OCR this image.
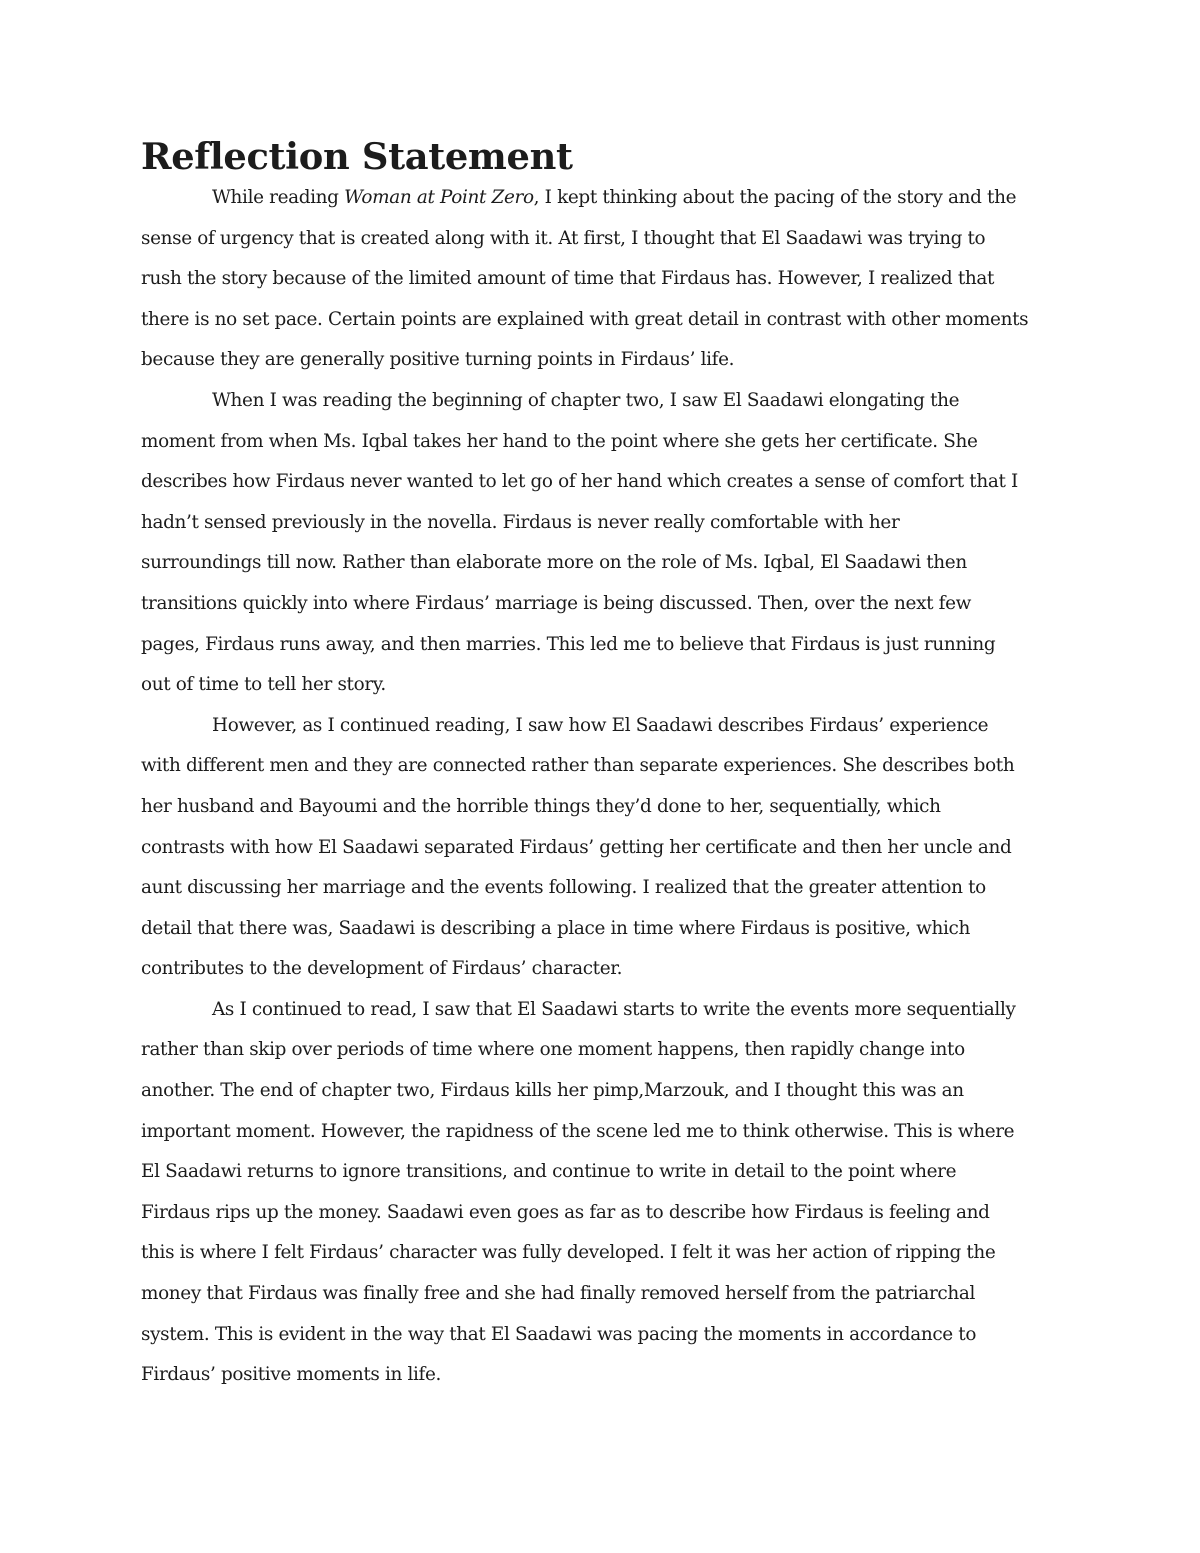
Reflection Statement

While reading Woman at Point Zero, I kept thinking about the pacing of the story and the
sense of urgency that is created along with it. At first, I thought that El Saadawi was trying to
rush the story because of the limited amount of time that Firdaus has. However, I realized that
there is no set pace. Certain points are explained with great detail in contrast with other moments
because they are generally positive turning points in Firdaus’ life.

When I was reading the beginning of chapter two, I saw El Saadawi elongating the
moment from when Ms. Iqbal takes her hand to the point where she gets her certificate. She
describes how Firdaus never wanted to let go of her hand which creates a sense of comfort that I
hadn’t sensed previously in the novella. Firdaus is never really comfortable with her
surroundings till now. Rather than elaborate more on the role of Ms. Iqbal, El Saadawi then
transitions quickly into where Firdaus’ marriage is being discussed. Then, over the next few
pages, Firdaus runs away, and then marries. This led me to believe that Firdaus is just running
out of time to tell her story.

However, as I continued reading, I saw how El Saadawi describes Firdaus’ experience
with different men and they are connected rather than separate experiences. She describes both
her husband and Bayoumi and the horrible things they’d done to her, sequentially, which
contrasts with how El Saadawi separated Firdaus’ getting her certificate and then her uncle and
aunt discussing her marriage and the events following. I realized that the greater attention to
detail that there was, Saadawi is describing a place in time where Firdaus is positive, which
contributes to the development of Firdaus’ character.

As I continued to read, I saw that El Saadawi starts to write the events more sequentially
rather than skip over periods of time where one moment happens, then rapidly change into
another. The end of chapter two, Firdaus kills her pimp,Marzouk, and I thought this was an
important moment. However, the rapidness of the scene led me to think otherwise. This is where
El Saadawi returns to ignore transitions, and continue to write in detail to the point where
Firdaus rips up the money. Saadawi even goes as far as to describe how Firdaus is feeling and
this is where I felt Firdaus’ character was fully developed. I felt it was her action of ripping the
money that Firdaus was finally free and she had finally removed herself from the patriarchal
system. This is evident in the way that El Saadawi was pacing the moments in accordance to
Firdaus’ positive moments in life.
